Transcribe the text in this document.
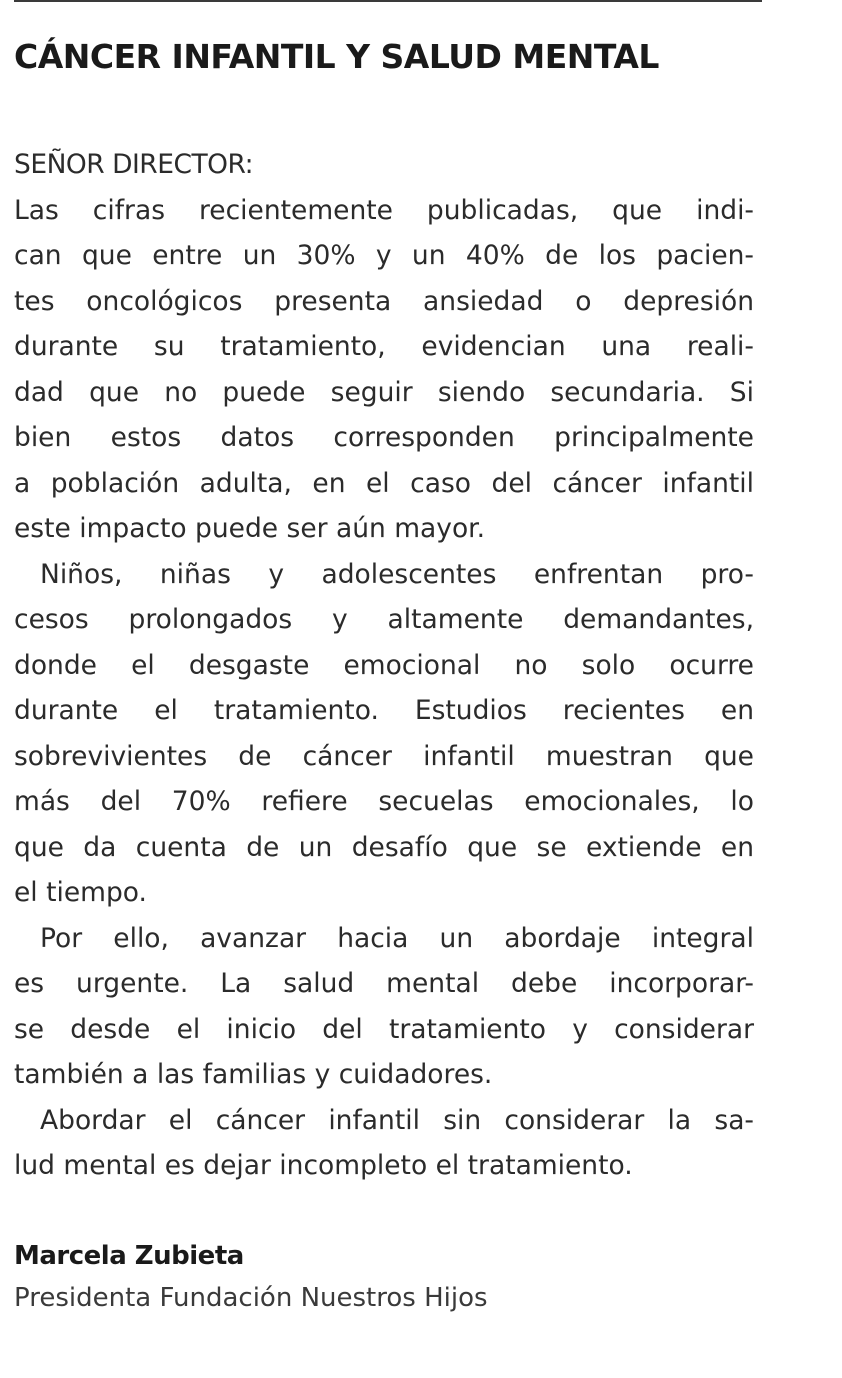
CÁNCER INFANTIL Y SALUD MENTAL
SEÑOR DIRECTOR:
Las cifras recientemente publicadas, que indi-
can que entre un 30% y un 40% de los pacien-
tes oncológicos presenta ansiedad o depresión
durante su tratamiento, evidencian una reali-
dad que no puede seguir siendo secundaria. Si
bien estos datos corresponden principalmente
a población adulta, en el caso del cáncer infantil
este impacto puede ser aún mayor.
Niños, niñas y adolescentes enfrentan pro-
cesos prolongados y altamente demandantes,
donde el desgaste emocional no solo ocurre
durante el tratamiento. Estudios recientes en
sobrevivientes de cáncer infantil muestran que
más del 70% refiere secuelas emocionales, lo
que da cuenta de un desafío que se extiende en
el tiempo.
Por ello, avanzar hacia un abordaje integral
es urgente. La salud mental debe incorporar-
se desde el inicio del tratamiento y considerar
también a las familias y cuidadores.
Abordar el cáncer infantil sin considerar la sa-
lud mental es dejar incompleto el tratamiento.
Marcela Zubieta
Presidenta Fundación Nuestros Hijos
